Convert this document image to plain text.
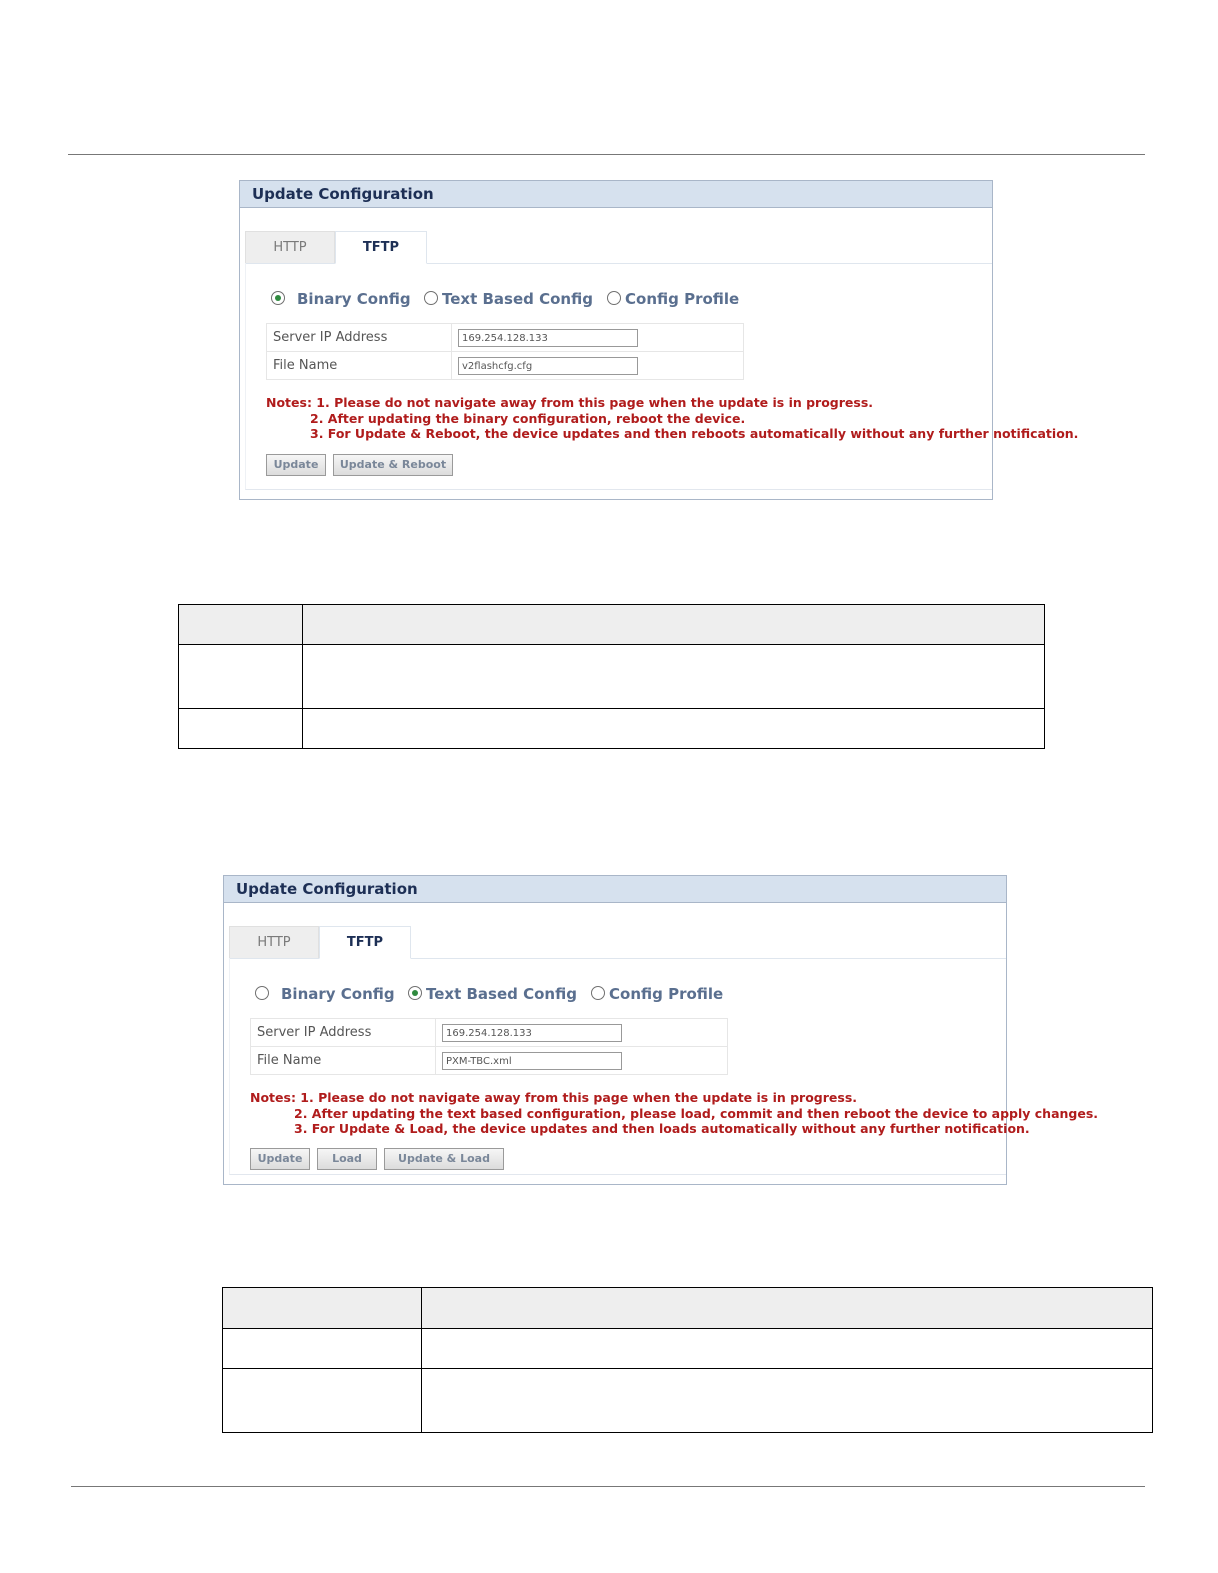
Update Configuration
HTTP	TFTP
Binary Config Text Based Config Config Profile
Server IP Address	169.254.128.133

File Name	v2flashcfg.cfg
Notes: 1. Please do not navigate away from this page when the update is in progress.
2. After updating the binary configuration, reboot the device.
3. For Update & Reboot, the device updates and then reboots automatically without any further notification.
Update	Update & Reboot

Update Configuration
HTTP	TFTP
Binary Config Text Based Config Config Profile
Server IP Address	169.254.128.133

File Name	PXM-TBC.xml
Notes: 1. Please do not navigate away from this page when the update is in progress.
2. After updating the text based configuration, please load, commit and then reboot the device to apply changes.
3. For Update & Load, the device updates and then loads automatically without any further notification.
Update	Load	Update & Load
